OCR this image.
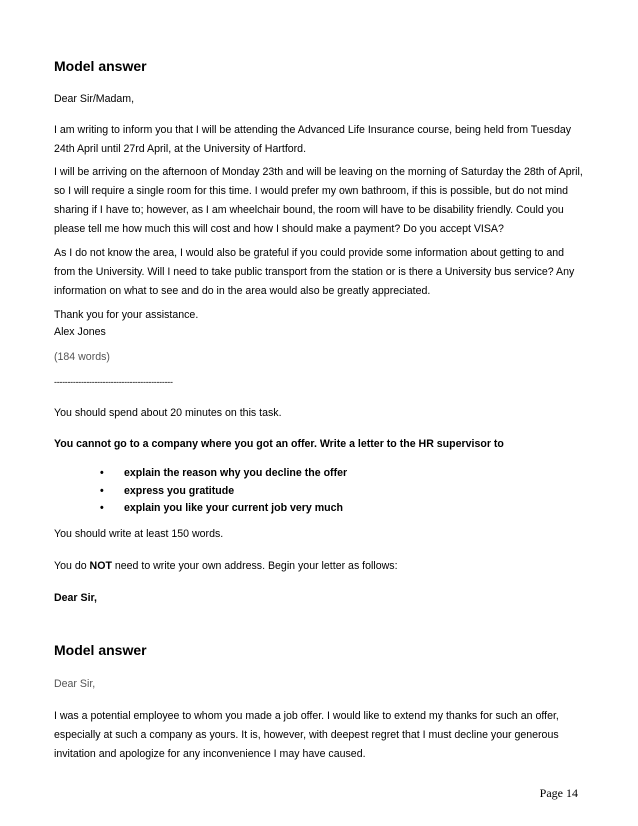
Model answer
Dear Sir/Madam,
I am writing to inform you that I will be attending the Advanced Life Insurance course, being held from Tuesday
24th April until 27rd April, at the University of Hartford.
I will be arriving on the afternoon of Monday 23th and will be leaving on the morning of Saturday the 28th of April,
so I will require a single room for this time. I would prefer my own bathroom, if this is possible, but do not mind
sharing if I have to; however, as I am wheelchair bound, the room will have to be disability friendly. Could you
please tell me how much this will cost and how I should make a payment? Do you accept VISA?
As I do not know the area, I would also be grateful if you could provide some information about getting to and
from the University. Will I need to take public transport from the station or is there a University bus service? Any
information on what to see and do in the area would also be greatly appreciated.
Thank you for your assistance.
Alex Jones
(184 words)
--------------------------------------------
You should spend about 20 minutes on this task.
You cannot go to a company where you got an offer. Write a letter to the HR supervisor to
• explain the reason why you decline the offer
• express you gratitude
• explain you like your current job very much
You should write at least 150 words.
You do NOT need to write your own address. Begin your letter as follows:
Dear Sir,
Model answer
Dear Sir,
I was a potential employee to whom you made a job offer. I would like to extend my thanks for such an offer,
especially at such a company as yours. It is, however, with deepest regret that I must decline your generous
invitation and apologize for any inconvenience I may have caused.
Page 14
